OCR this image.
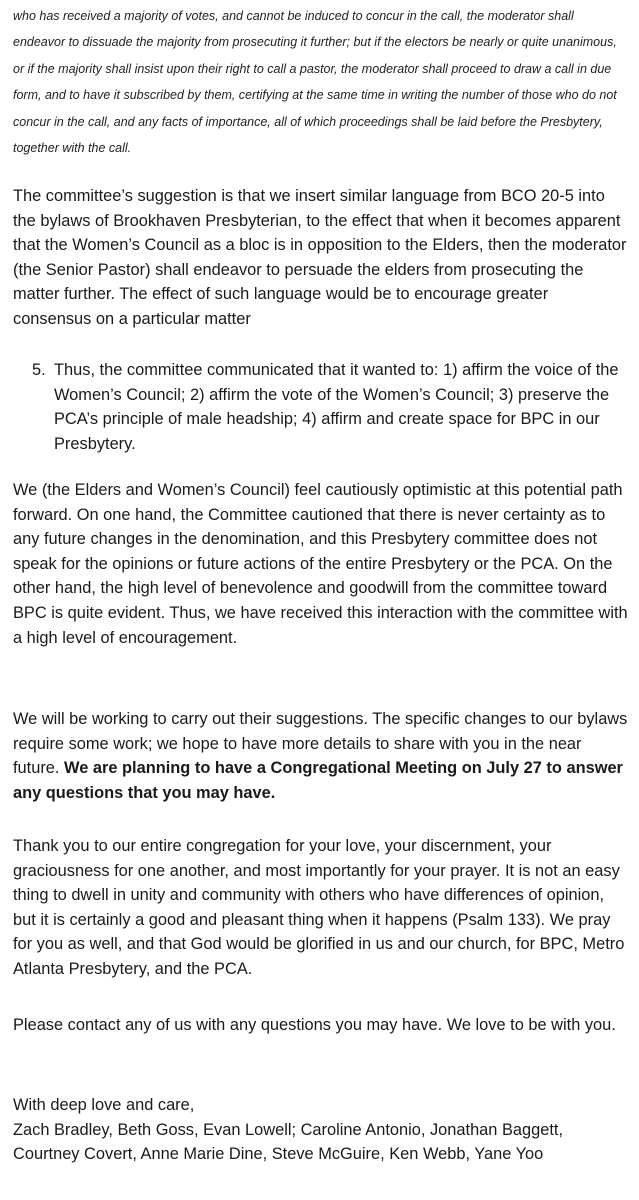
who has received a majority of votes, and cannot be induced to concur in the call, the moderator shall endeavor to dissuade the majority from prosecuting it further; but if the electors be nearly or quite unanimous, or if the majority shall insist upon their right to call a pastor, the moderator shall proceed to draw a call in due form, and to have it subscribed by them, certifying at the same time in writing the number of those who do not concur in the call, and any facts of importance, all of which proceedings shall be laid before the Presbytery, together with the call.

The committee’s suggestion is that we insert similar language from BCO 20-5 into the bylaws of Brookhaven Presbyterian, to the effect that when it becomes apparent that the Women’s Council as a bloc is in opposition to the Elders, then the moderator (the Senior Pastor) shall endeavor to persuade the elders from prosecuting the matter further. The effect of such language would be to encourage greater consensus on a particular matter

5. Thus, the committee communicated that it wanted to: 1) affirm the voice of the Women’s Council; 2) affirm the vote of the Women’s Council; 3) preserve the PCA’s principle of male headship; 4) affirm and create space for BPC in our Presbytery.

We (the Elders and Women’s Council) feel cautiously optimistic at this potential path forward. On one hand, the Committee cautioned that there is never certainty as to any future changes in the denomination, and this Presbytery committee does not speak for the opinions or future actions of the entire Presbytery or the PCA. On the other hand, the high level of benevolence and goodwill from the committee toward BPC is quite evident. Thus, we have received this interaction with the committee with a high level of encouragement.

We will be working to carry out their suggestions. The specific changes to our bylaws require some work; we hope to have more details to share with you in the near future. We are planning to have a Congregational Meeting on July 27 to answer any questions that you may have.

Thank you to our entire congregation for your love, your discernment, your graciousness for one another, and most importantly for your prayer. It is not an easy thing to dwell in unity and community with others who have differences of opinion, but it is certainly a good and pleasant thing when it happens (Psalm 133). We pray for you as well, and that God would be glorified in us and our church, for BPC, Metro Atlanta Presbytery, and the PCA.

Please contact any of us with any questions you may have. We love to be with you.

With deep love and care,
Zach Bradley, Beth Goss, Evan Lowell; Caroline Antonio, Jonathan Baggett, Courtney Covert, Anne Marie Dine, Steve McGuire, Ken Webb, Yane Yoo
